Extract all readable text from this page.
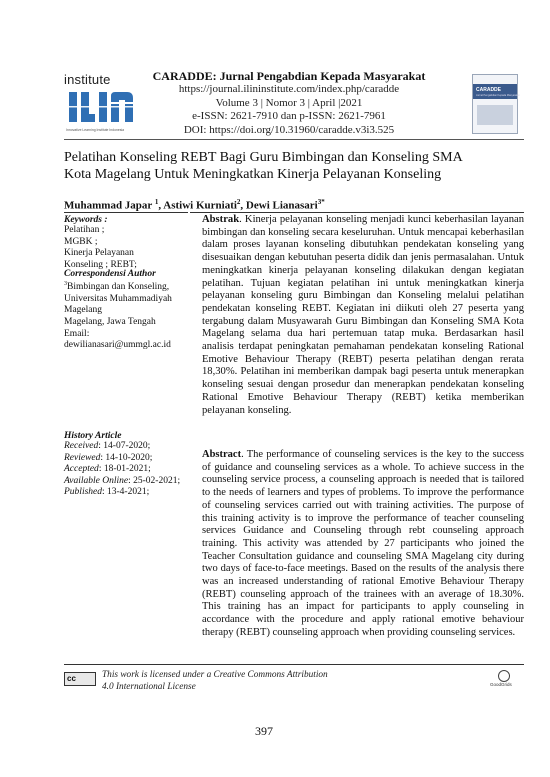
institute
Innovative Learning Institute Indonesia
CARADDE: Jurnal Pengabdian Kepada Masyarakat
https://journal.ilininstitute.com/index.php/caradde
Volume 3 | Nomor 3 | April |2021
e-ISSN: 2621-7910 dan p-ISSN: 2621-7961
DOI: https://doi.org/10.31960/caradde.v3i3.525
CARADDE
Jurnal Pengabdian Kepada Masyarakat
Pelatihan Konseling REBT Bagi Guru Bimbingan dan Konseling SMA
Kota Magelang Untuk Meningkatkan Kinerja Pelayanan Konseling
Muhammad Japar $^1$, Astiwi Kurniati$^2$, Dewi Lianasari$^{3*}$
Keywords :
Pelatihan ;
MGBK ;
Kinerja Pelayanan
Konseling ; REBT;
Correspondensi Author
$^3$Bimbingan dan Konseling,
Universitas Muhammadiyah
Magelang
Magelang, Jawa Tengah
Email:
dewilianasari@ummgl.ac.id
History Article
Received: 14-07-2020;
Reviewed: 14-10-2020;
Accepted: 18-01-2021;
Available Online: 25-02-2021;
Published: 13-4-2021;
Abstrak. Kinerja pelayanan konseling menjadi kunci keberhasilan layanan bimbingan dan konseling secara keseluruhan. Untuk mencapai keberhasilan dalam proses layanan konseling dibutuhkan pendekatan konseling yang disesuaikan dengan kebutuhan peserta didik dan jenis permasalahan. Untuk meningkatkan kinerja pelayanan konseling dilakukan dengan kegiatan pelatihan. Tujuan kegiatan pelatihan ini untuk meningkatkan kinerja pelayanan konseling guru Bimbingan dan Konseling melalui pelatihan pendekatan konseling REBT. Kegiatan ini diikuti oleh 27 peserta yang tergabung dalam Musyawarah Guru Bimbingan dan Konseling SMA Kota Magelang selama dua hari pertemuan tatap muka. Berdasarkan hasil analisis terdapat peningkatan pemahaman pendekatan konseling Rational Emotive Behaviour Therapy (REBT) peserta pelatihan dengan rerata 18,30%. Pelatihan ini memberikan dampak bagi peserta untuk menerapkan konseling sesuai dengan prosedur dan menerapkan pendekatan konseling Rational Emotive Behaviour Therapy (REBT) ketika memberikan pelayanan konseling.
Abstract. The performance of counseling services is the key to the success of guidance and counseling services as a whole. To achieve success in the counseling service process, a counseling approach is needed that is tailored to the needs of learners and types of problems. To improve the performance of counseling services carried out with training activities. The purpose of this training activity is to improve the performance of teacher counseling services Guidance and Counseling through rebt counseling approach training. This activity was attended by 27 participants who joined the Teacher Consultation guidance and counseling SMA Magelang city during two days of face-to-face meetings. Based on the results of the analysis there was an increased understanding of rational Emotive Behaviour Therapy (REBT) counseling approach of the trainees with an average of 18.30%. This training has an impact for participants to apply counseling in accordance with the procedure and apply rational emotive behaviour therapy (REBT) counseling approach when providing counseling services.
cc	This work is licensed under a Creative Commons Attribution
4.0 International License	GoodGrids
397
